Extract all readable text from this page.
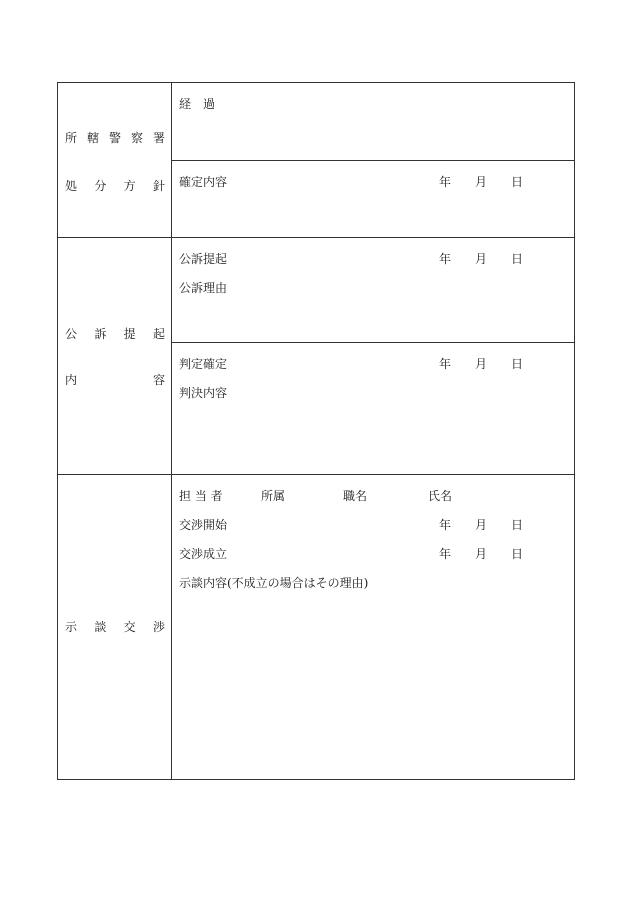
所 轄 警 察 署
処 分 方 針
経　過
確定内容	年 月 日
公 訴 提 起
内	容
公訴提起	年 月 日
公訴理由
判定確定	年 月 日
判決内容
示 談 交 渉
担 当 者	所属	職名	氏名
交渉開始	年 月 日
交渉成立	年 月 日
示談内容(不成立の場合はその理由)
